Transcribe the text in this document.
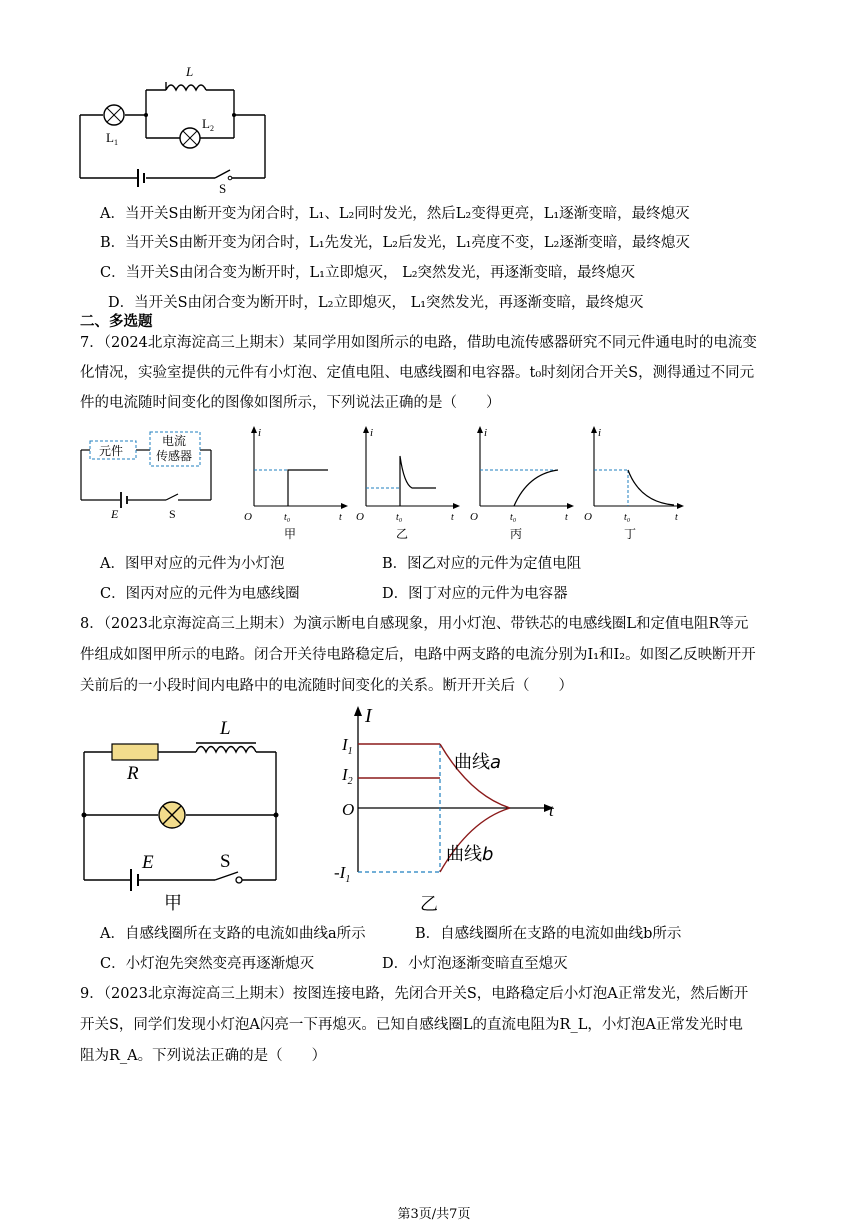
L
$L_1$
$L_2$
S
A．当开关S由断开变为闭合时，L₁、L₂同时发光，然后L₂变得更亮，L₁逐渐变暗，最终熄灭
B．当开关S由断开变为闭合时，L₁先发光，L₂后发光，L₁亮度不变，L₂逐渐变暗，最终熄灭
C．当开关S由闭合变为断开时，L₁立即熄灭， L₂突然发光，再逐渐变暗，最终熄灭
D．当开关S由闭合变为断开时，L₂立即熄灭， L₁突然发光，再逐渐变暗，最终熄灭
二、多选题
7．（2024北京海淀高三上期末）某同学用如图所示的电路，借助电流传感器研究不同元件通电时的电流变
化情况，实验室提供的元件有小灯泡、定值电阻、电感线圈和电容器。t₀时刻闭合开关S，测得通过不同元
件的电流随时间变化的图像如图所示，下列说法正确的是（　　）
元件
电流
传感器
E	S
i
O	t₀	t
甲
i
O	t₀	t
乙
i
O	t₀	t
丙
i
O	t₀	t
丁
A．图甲对应的元件为小灯泡	B．图乙对应的元件为定值电阻
C．图丙对应的元件为电感线圈	D．图丁对应的元件为电容器
8．（2023北京海淀高三上期末）为演示断电自感现象，用小灯泡、带铁芯的电感线圈L和定值电阻R等元
件组成如图甲所示的电路。闭合开关待电路稳定后，电路中两支路的电流分别为I₁和I₂。如图乙反映断开开
关前后的一小段时间内电路中的电流随时间变化的关系。断开开关后（　　）
L
R
E	S
甲
I
$I_1$
$I_2$
O
$-I_1$
t
曲线a
曲线b
乙
A．自感线圈所在支路的电流如曲线a所示	B．自感线圈所在支路的电流如曲线b所示
C．小灯泡先突然变亮再逐渐熄灭	D．小灯泡逐渐变暗直至熄灭
9．（2023北京海淀高三上期末）按图连接电路，先闭合开关S，电路稳定后小灯泡A正常发光，然后断开
开关S，同学们发现小灯泡A闪亮一下再熄灭。已知自感线圈L的直流电阻为R_L，小灯泡A正常发光时电
阻为R_A。下列说法正确的是（　　）
第3页/共7页
